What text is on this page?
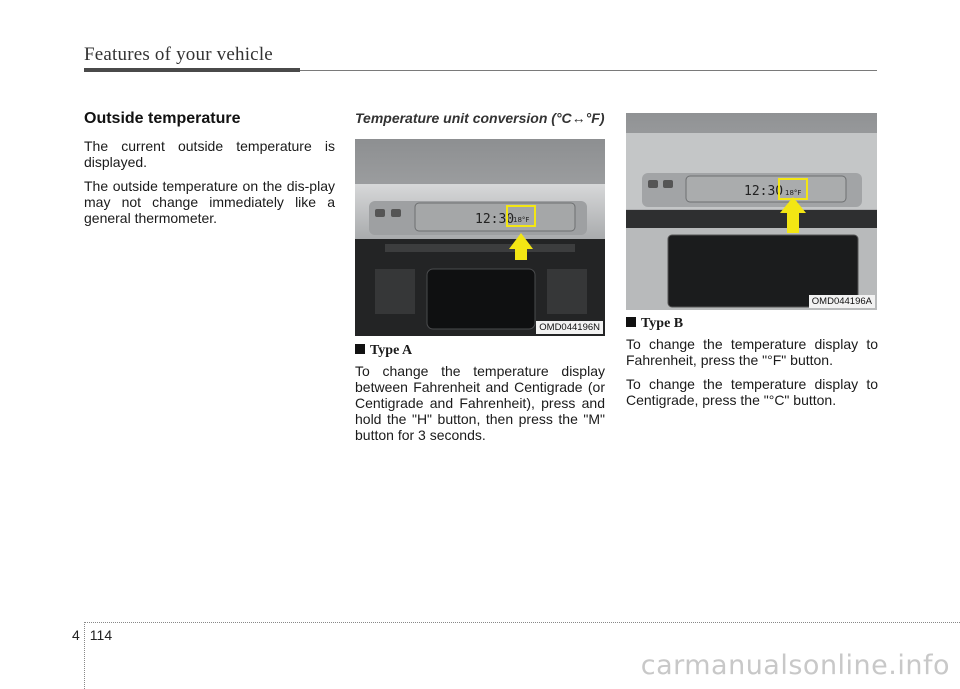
Features of your vehicle
Outside temperature

The current outside temperature is displayed.

The outside temperature on the dis-play may not change immediately like a general thermometer.

Temperature unit conversion (°C↔°F)
12:30
18°F
OMD044196N
Type A

To change the temperature display between Fahrenheit and Centigrade (or Centigrade and Fahrenheit), press and hold the "H" button, then press the "M" button for 3 seconds.

12:30 18°F
OMD044196A
Type B

To change the temperature display to Fahrenheit, press the "°F" button.

To change the temperature display to Centigrade, press the "°C" button.

4 114
carmanualsonline.info
